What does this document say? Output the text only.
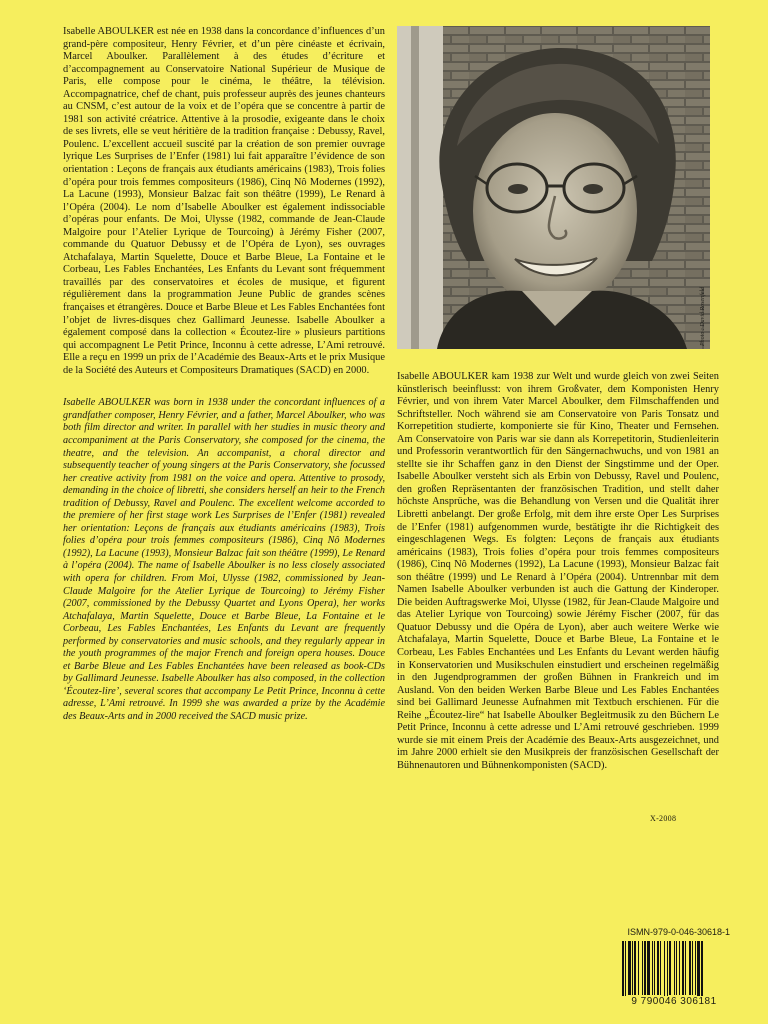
Isabelle ABOULKER est née en 1938 dans la concordance d’influences d’un grand-père compositeur, Henry Février, et d’un père cinéaste et écrivain, Marcel Aboulker. Parallèlement à des études d’écriture et d’accompagnement au Conservatoire National Supérieur de Musique de Paris, elle compose pour le cinéma, le théâtre, la télévision. Accompagnatrice, chef de chant, puis professeur auprès des jeunes chanteurs au CNSM, c’est autour de la voix et de l’opéra que se concentre à partir de 1981 son activité créatrice. Attentive à la prosodie, exigeante dans le choix de ses livrets, elle se veut héritière de la tradition française : Debussy, Ravel, Poulenc. L’excellent accueil suscité par la création de son premier ouvrage lyrique Les Surprises de l’Enfer (1981) lui fait apparaître l’évidence de son orientation : Leçons de français aux étudiants américains (1983), Trois folies d’opéra pour trois femmes compositeurs (1986), Cinq Nô Modernes (1992), La Lacune (1993), Monsieur Balzac fait son théâtre (1999), Le Renard à l’Opéra (2004). Le nom d’Isabelle Aboulker est également indissociable d’opéras pour enfants. De Moi, Ulysse (1982, commande de Jean-Claude Malgoire pour l’Atelier Lyrique de Tourcoing) à Jérémy Fisher (2007, commande du Quatuor Debussy et de l’Opéra de Lyon), ses ouvrages Atchafalaya, Martin Squelette, Douce et Barbe Bleue, La Fontaine et le Corbeau, Les Fables Enchantées, Les Enfants du Levant sont fréquemment travaillés par des conservatoires et écoles de musique, et figurent régulièrement dans la programmation Jeune Public de grandes scènes françaises et étrangères. Douce et Barbe Bleue et Les Fables Enchantées font l’objet de livres-disques chez Gallimard Jeunesse. Isabelle Aboulker a également composé dans la collection « Écoutez-lire » plusieurs partitions qui accompagnent Le Petit Prince, Inconnu à cette adresse, L’Ami retrouvé. Elle a reçu en 1999 un prix de l’Académie des Beaux-Arts et le prix Musique de la Société des Auteurs et Compositeurs Dramatiques (SACD) en 2000.

Isabelle ABOULKER was born in 1938 under the concordant influences of a grandfather composer, Henry Février, and a father, Marcel Aboulker, who was both film director and writer. In parallel with her studies in music theory and accompaniment at the Paris Conservatory, she composed for the cinema, the theatre, and the television. An accompanist, a choral director and subsequently teacher of young singers at the Paris Conservatory, she focussed her creative activity from 1981 on the voice and opera. Attentive to prosody, demanding in the choice of libretti, she considers herself an heir to the French tradition of Debussy, Ravel and Poulenc. The excellent welcome accorded to the premiere of her first stage work Les Surprises de l’Enfer (1981) revealed her orientation: Leçons de français aux étudiants américains (1983), Trois folies d’opéra pour trois femmes compositeurs (1986), Cinq Nô Modernes (1992), La Lacune (1993), Monsieur Balzac fait son théâtre (1999), Le Renard à l’opéra (2004). The name of Isabelle Aboulker is no less closely associated with opera for children. From Moi, Ulysse (1982, commissioned by Jean-Claude Malgoire for the Atelier Lyrique de Tourcoing) to Jérémy Fisher (2007, commissioned by the Debussy Quartet and Lyons Opera), her works Atchafalaya, Martin Squelette, Douce et Barbe Bleue, La Fontaine et le Corbeau, Les Fables Enchantées, Les Enfants du Levant are frequently performed by conservatories and music schools, and they regularly appear in the youth programmes of the major French and foreign opera houses. Douce et Barbe Bleue and Les Fables Enchantées have been released as book-CDs by Gallimard Jeunesse. Isabelle Aboulker has also composed, in the collection ‘Écoutez-lire’, several scores that accompany Le Petit Prince, Inconnu à cette adresse, L’Ami retrouvé. In 1999 she was awarded a prize by the Académie des Beaux-Arts and in 2000 received the SACD music prize.

Photo : David Rosenfeld

Isabelle ABOULKER kam 1938 zur Welt und wurde gleich von zwei Seiten künstlerisch beeinflusst: von ihrem Großvater, dem Komponisten Henry Février, und von ihrem Vater Marcel Aboulker, dem Filmschaffenden und Schriftsteller. Noch während sie am Conservatoire von Paris Tonsatz und Korrepetition studierte, komponierte sie für Kino, Theater und Fernsehen. Am Conservatoire von Paris war sie dann als Korrepetitorin, Studienleiterin und Professorin verantwortlich für den Sängernachwuchs, und von 1981 an stellte sie ihr Schaffen ganz in den Dienst der Singstimme und der Oper. Isabelle Aboulker versteht sich als Erbin von Debussy, Ravel und Poulenc, den großen Repräsentanten der französischen Tradition, und stellt daher höchste Ansprüche, was die Behandlung von Versen und die Qualität ihrer Libretti anbelangt. Der große Erfolg, mit dem ihre erste Oper Les Surprises de l’Enfer (1981) aufgenommen wurde, bestätigte ihr die Richtigkeit des eingeschlagenen Wegs. Es folgten: Leçons de français aux étudiants américains (1983), Trois folies d’opéra pour trois femmes compositeurs (1986), Cinq Nô Modernes (1992), La Lacune (1993), Monsieur Balzac fait son théâtre (1999) und Le Renard à l’Opéra (2004). Untrennbar mit dem Namen Isabelle Aboulker verbunden ist auch die Gattung der Kinderoper. Die beiden Auftragswerke Moi, Ulysse (1982, für Jean-Claude Malgoire und das Atelier Lyrique von Tourcoing) sowie Jérémy Fischer (2007, für das Quatuor Debussy und die Opéra de Lyon), aber auch weitere Werke wie Atchafalaya, Martin Squelette, Douce et Barbe Bleue, La Fontaine et le Corbeau, Les Fables Enchantées und Les Enfants du Levant werden häufig in Konservatorien und Musikschulen einstudiert und erscheinen regelmäßig in den Jugendprogrammen der großen Bühnen in Frankreich und im Ausland. Von den beiden Werken Barbe Bleue und Les Fables Enchantées sind bei Gallimard Jeunesse Aufnahmen mit Textbuch erschienen. Für die Reihe „Écoutez-lire“ hat Isabelle Aboulker Begleitmusik zu den Büchern Le Petit Prince, Inconnu à cette adresse und L’Ami retrouvé geschrieben. 1999 wurde sie mit einem Preis der Académie des Beaux-Arts ausgezeichnet, und im Jahre 2000 erhielt sie den Musikpreis der französischen Gesellschaft der Bühnenautoren und Bühnenkomponisten (SACD).

X-2008
ISMN-979-0-046-30618-1
9 790046 306181
